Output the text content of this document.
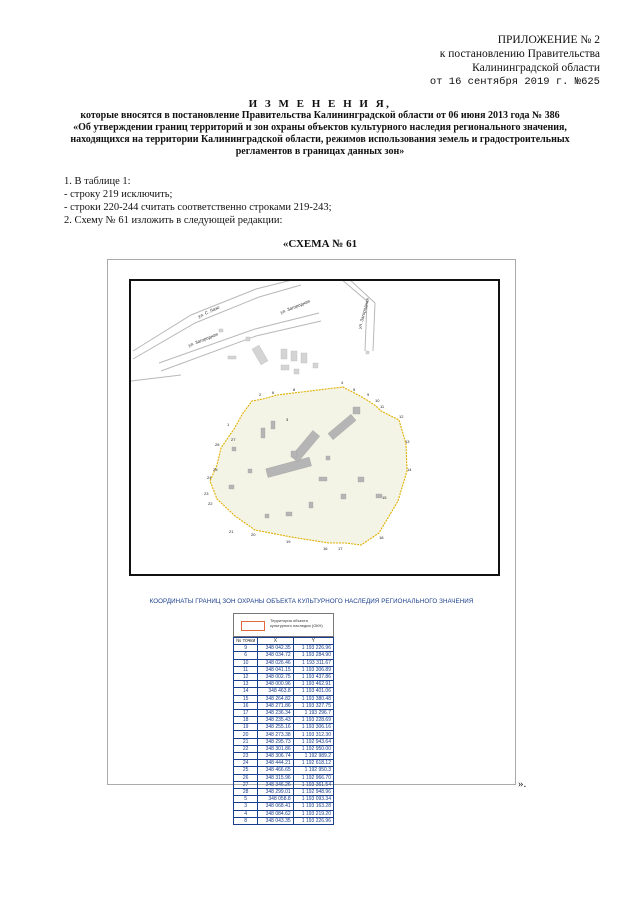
ПРИЛОЖЕНИЕ № 2
к постановлению Правительства
Калининградской области
от 16 сентября 2019 г. №625
И З М Е Н Е Н И Я,
которые вносятся в постановление Правительства Калининградской области от 06 июня 2013 года № 386
«Об утверждении границ территорий и зон охраны объектов культурного наследия регионального значения,
находящихся на территории Калининградской области, режимов использования земель и градостроительных
регламентов в границах данных зон»
1. В таблице 1:
- строку 219 исключить;
- строки 220-244 считать соответственно строками 219-243;
2. Схему № 61 изложить в следующей редакции:
«СХЕМА № 61
ул. С. Лазо	ул. Загородная
ул. Загородная
ул. Загородная
4
5
9
10
11
12
13
14
15
18
17
16
19
20
21
22
23
24
25
26
27
1
2
3
6
8
КООРДИНАТЫ ГРАНИЦ ЗОН ОХРАНЫ ОБЪЕКТА КУЛЬТУРНОГО НАСЛЕДИЯ РЕГИОНАЛЬНОГО ЗНАЧЕНИЯ
Территория объекта культурного наследия (ОКН)
№ точки	X	Y
9	348 042.35	1 193 226.96
6	348 034.72	1 193 284.90
10	348 026.46	1 193 311.67
11	348 041.15	1 193 306.89
12	348 002.75	1 193 437.86
13	348 000.96	1 193 462.91
14	348 463.8	1 193 401.06
15	348 264.82	1 193 380.48
16	348 271.86	1 193 327.75
17	348 236.34	1 193 296.7
18	348 235.43	1 193 228.69
19	348 255.16	1 193 306.16
20	348 273.38	1 193 312.30
21	348 295.73	1 192 943.64
22	348 301.86	1 192 950.00
23	348 306.74	1 192 989.2
24	348 444.21	1 192 618.12
25	348 466.65	1 192 950.3
26	348 315.96	1 192 966.70
27	348 346.26	1 193 361.54
28	348 299.01	1 192 948.96
5	348 058.8	1 193 093.34
3	348 068.41	1 193 163.28
4	348 084.62	1 193 219.20
8	348 043.35	1 193 226.96
».
